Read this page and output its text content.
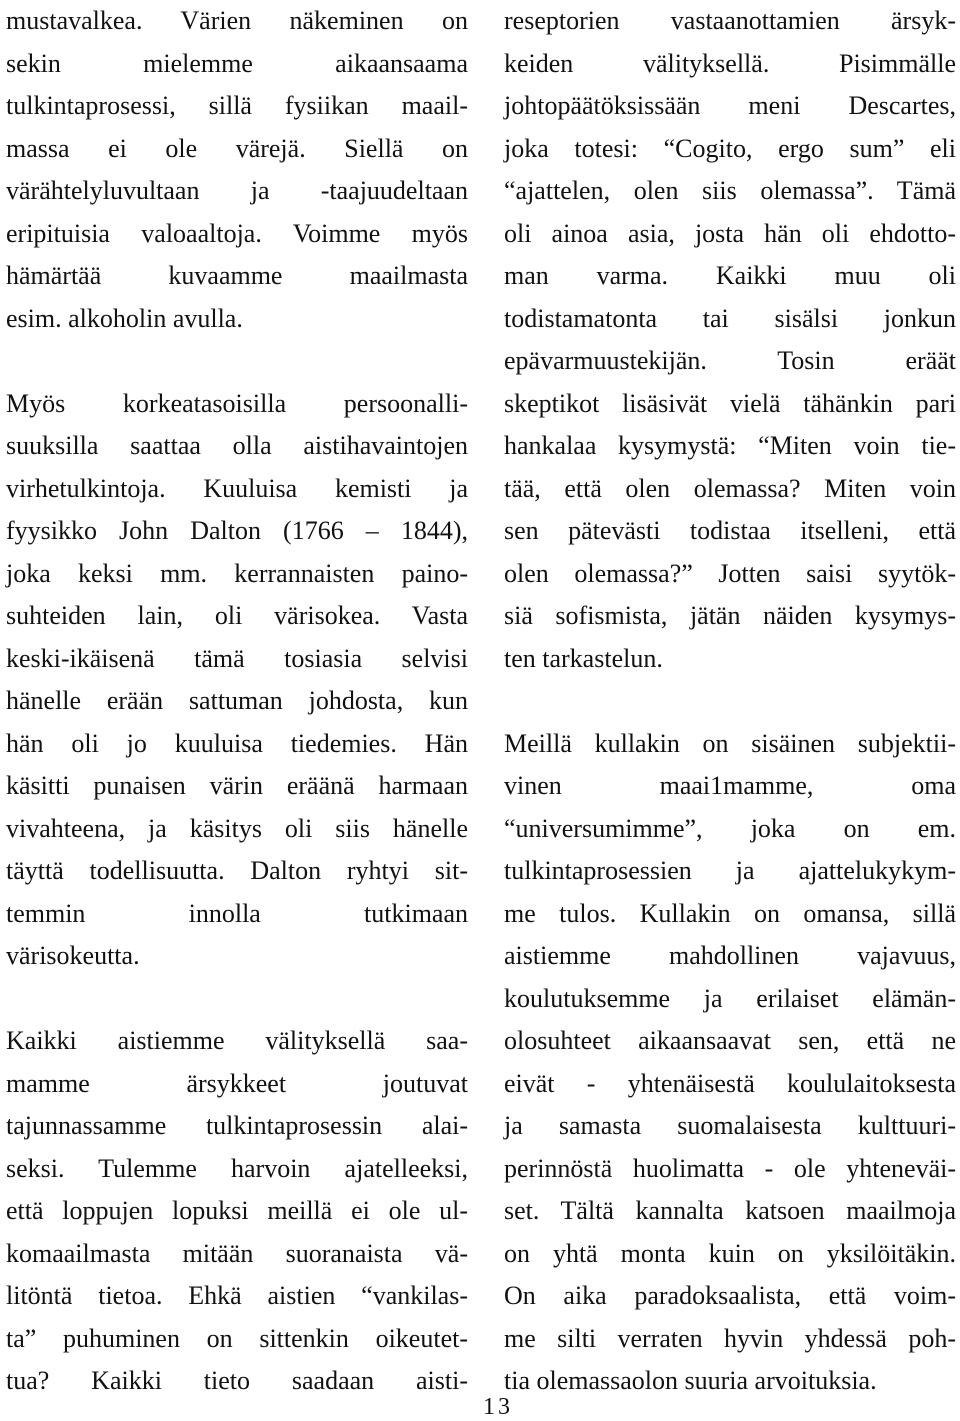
mustavalkea. Värien näkeminen on
sekin mielemme aikaansaama
tulkintaprosessi, sillä fysiikan maail-
massa ei ole värejä. Siellä on
värähtelyluvultaan ja -taajuudeltaan
eripituisia valoaaltoja. Voimme myös
hämärtää kuvaamme maailmasta
esim. alkoholin avulla.
Myös korkeatasoisilla persoonalli-
suuksilla saattaa olla aistihavaintojen
virhetulkintoja. Kuuluisa kemisti ja
fyysikko John Dalton (1766 – 1844),
joka keksi mm. kerrannaisten paino-
suhteiden lain, oli värisokea. Vasta
keski-ikäisenä tämä tosiasia selvisi
hänelle erään sattuman johdosta, kun
hän oli jo kuuluisa tiedemies. Hän
käsitti punaisen värin eräänä harmaan
vivahteena, ja käsitys oli siis hänelle
täyttä todellisuutta. Dalton ryhtyi sit-
temmin innolla tutkimaan
värisokeutta.
Kaikki aistiemme välityksellä saa-
mamme ärsykkeet joutuvat
tajunnassamme tulkintaprosessin alai-
seksi. Tulemme harvoin ajatelleeksi,
että loppujen lopuksi meillä ei ole ul-
komaailmasta mitään suoranaista vä-
litöntä tietoa. Ehkä aistien “vankilas-
ta” puhuminen on sittenkin oikeutet-
tua? Kaikki tieto saadaan aisti-
reseptorien vastaanottamien ärsyk-
keiden välityksellä. Pisimmälle
johtopäätöksissään meni Descartes,
joka totesi: “Cogito, ergo sum” eli
“ajattelen, olen siis olemassa”. Tämä
oli ainoa asia, josta hän oli ehdotto-
man varma. Kaikki muu oli
todistamatonta tai sisälsi jonkun
epävarmuustekijän. Tosin eräät
skeptikot lisäsivät vielä tähänkin pari
hankalaa kysymystä: “Miten voin tie-
tää, että olen olemassa? Miten voin
sen pätevästi todistaa itselleni, että
olen olemassa?” Jotten saisi syytök-
siä sofismista, jätän näiden kysymys-
ten tarkastelun.
Meillä kullakin on sisäinen subjektii-
vinen maai1mamme, oma
“universumimme”, joka on em.
tulkintaprosessien ja ajattelukykym-
me tulos. Kullakin on omansa, sillä
aistiemme mahdollinen vajavuus,
koulutuksemme ja erilaiset elämän-
olosuhteet aikaansaavat sen, että ne
eivät - yhtenäisestä koululaitoksesta
ja samasta suomalaisesta kulttuuri-
perinnöstä huolimatta - ole yhteneväi-
set. Tältä kannalta katsoen maailmoja
on yhtä monta kuin on yksilöitäkin.
On aika paradoksaalista, että voim-
me silti verraten hyvin yhdessä poh-
tia olemassaolon suuria arvoituksia.
13
